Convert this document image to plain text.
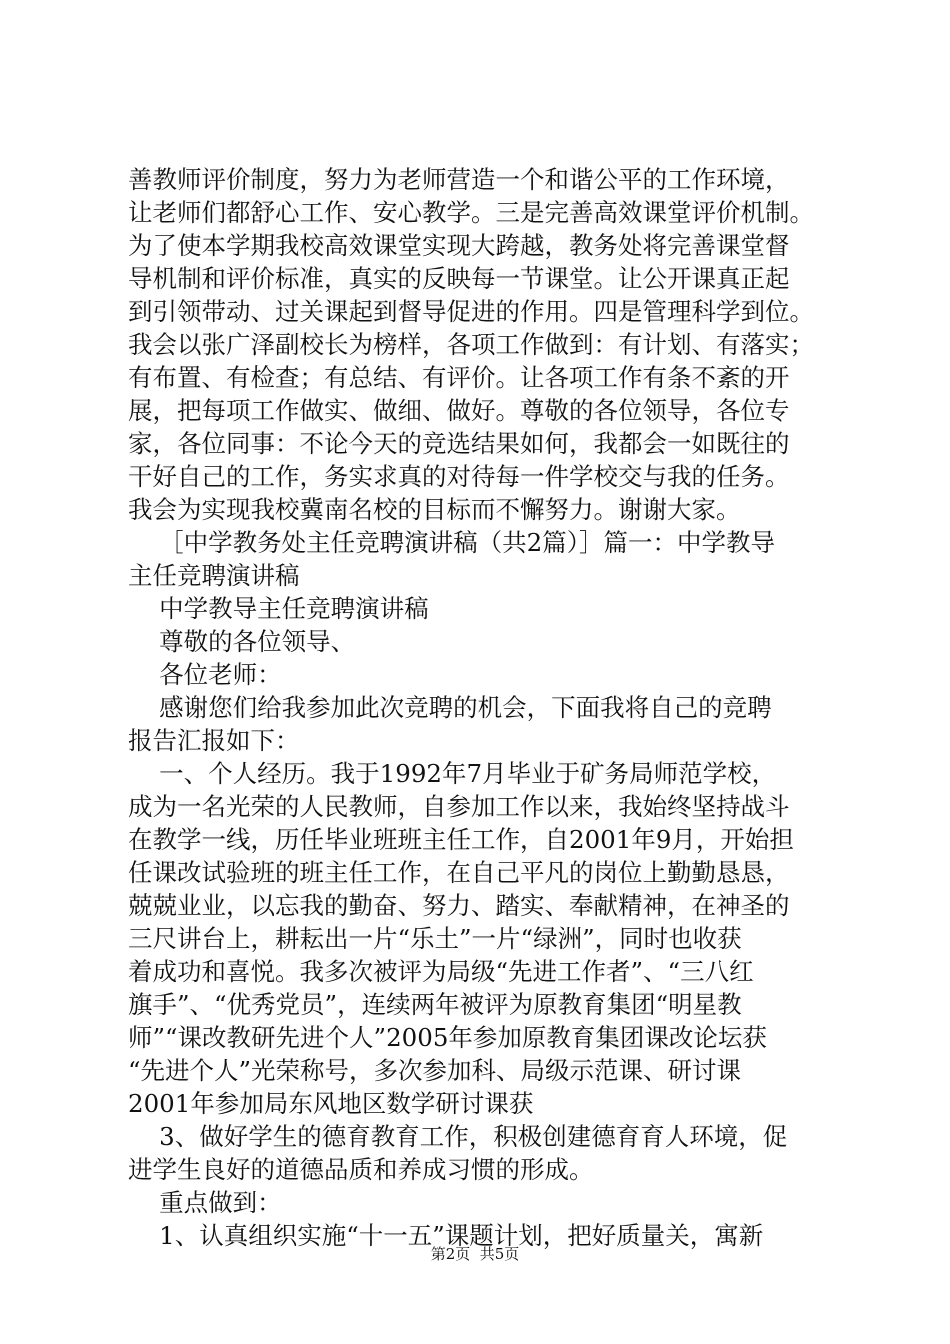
善教师评价制度，努力为老师营造一个和谐公平的工作环境，
让老师们都舒心工作、安心教学。三是完善高效课堂评价机制。
为了使本学期我校高效课堂实现大跨越，教务处将完善课堂督
导机制和评价标准，真实的反映每一节课堂。让公开课真正起
到引领带动、过关课起到督导促进的作用。四是管理科学到位。
我会以张广泽副校长为榜样，各项工作做到：有计划、有落实；
有布置、有检查；有总结、有评价。让各项工作有条不紊的开
展，把每项工作做实、做细、做好。尊敬的各位领导，各位专
家，各位同事：不论今天的竞选结果如何，我都会一如既往的
干好自己的工作，务实求真的对待每一件学校交与我的任务。
我会为实现我校冀南名校的目标而不懈努力。谢谢大家。
［中学教务处主任竞聘演讲稿（共2篇）］篇一：中学教导
主任竞聘演讲稿
中学教导主任竞聘演讲稿
尊敬的各位领导、
各位老师：
感谢您们给我参加此次竞聘的机会，下面我将自己的竞聘
报告汇报如下：
一、个人经历。我于1992年7月毕业于矿务局师范学校，
成为一名光荣的人民教师，自参加工作以来，我始终坚持战斗
在教学一线，历任毕业班班主任工作，自2001年9月，开始担
任课改试验班的班主任工作，在自己平凡的岗位上勤勤恳恳，
兢兢业业，以忘我的勤奋、努力、踏实、奉献精神，在神圣的
三尺讲台上，耕耘出一片“乐土”一片“绿洲”，同时也收获
着成功和喜悦。我多次被评为局级“先进工作者”、“三八红
旗手”、“优秀党员”，连续两年被评为原教育集团“明星教
师”“课改教研先进个人”2005年参加原教育集团课改论坛获
“先进个人”光荣称号，多次参加科、局级示范课、研讨课
2001年参加局东风地区数学研讨课获
3、做好学生的德育教育工作，积极创建德育育人环境，促
进学生良好的道德品质和养成习惯的形成。
重点做到：
1、认真组织实施“十一五”课题计划，把好质量关，寓新
第2页  共5页
